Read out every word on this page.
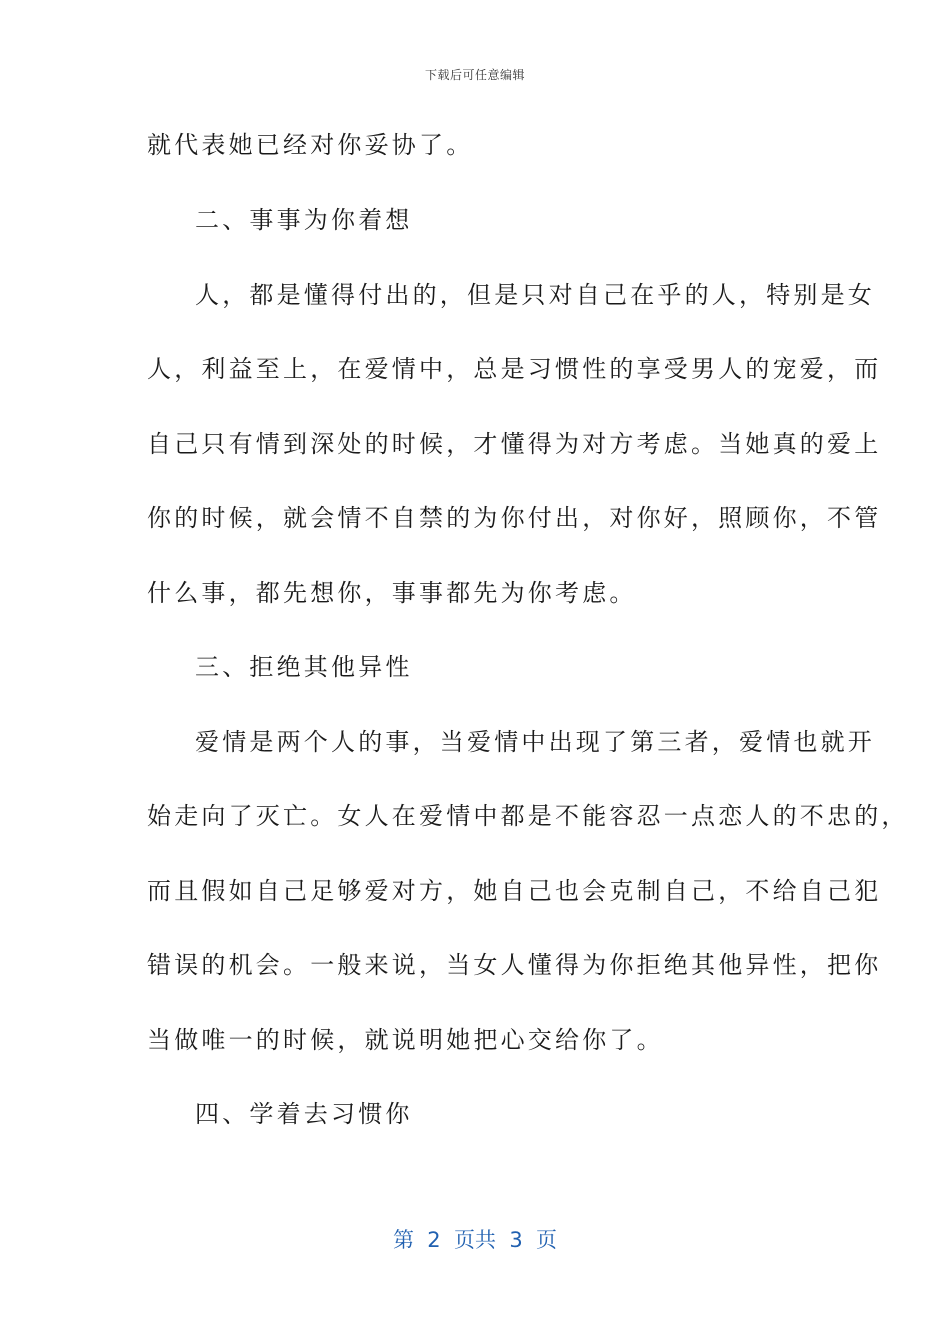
下载后可任意编辑
就代表她已经对你妥协了。
二、事事为你着想
人，都是懂得付出的，但是只对自己在乎的人，特别是女
人，利益至上，在爱情中，总是习惯性的享受男人的宠爱，而
自己只有情到深处的时候，才懂得为对方考虑。当她真的爱上
你的时候，就会情不自禁的为你付出，对你好，照顾你，不管
什么事，都先想你，事事都先为你考虑。
三、拒绝其他异性
爱情是两个人的事，当爱情中出现了第三者，爱情也就开
始走向了灭亡。女人在爱情中都是不能容忍一点恋人的不忠的，
而且假如自己足够爱对方，她自己也会克制自己，不给自己犯
错误的机会。一般来说，当女人懂得为你拒绝其他异性，把你
当做唯一的时候，就说明她把心交给你了。
四、学着去习惯你
第  2  页共  3  页
